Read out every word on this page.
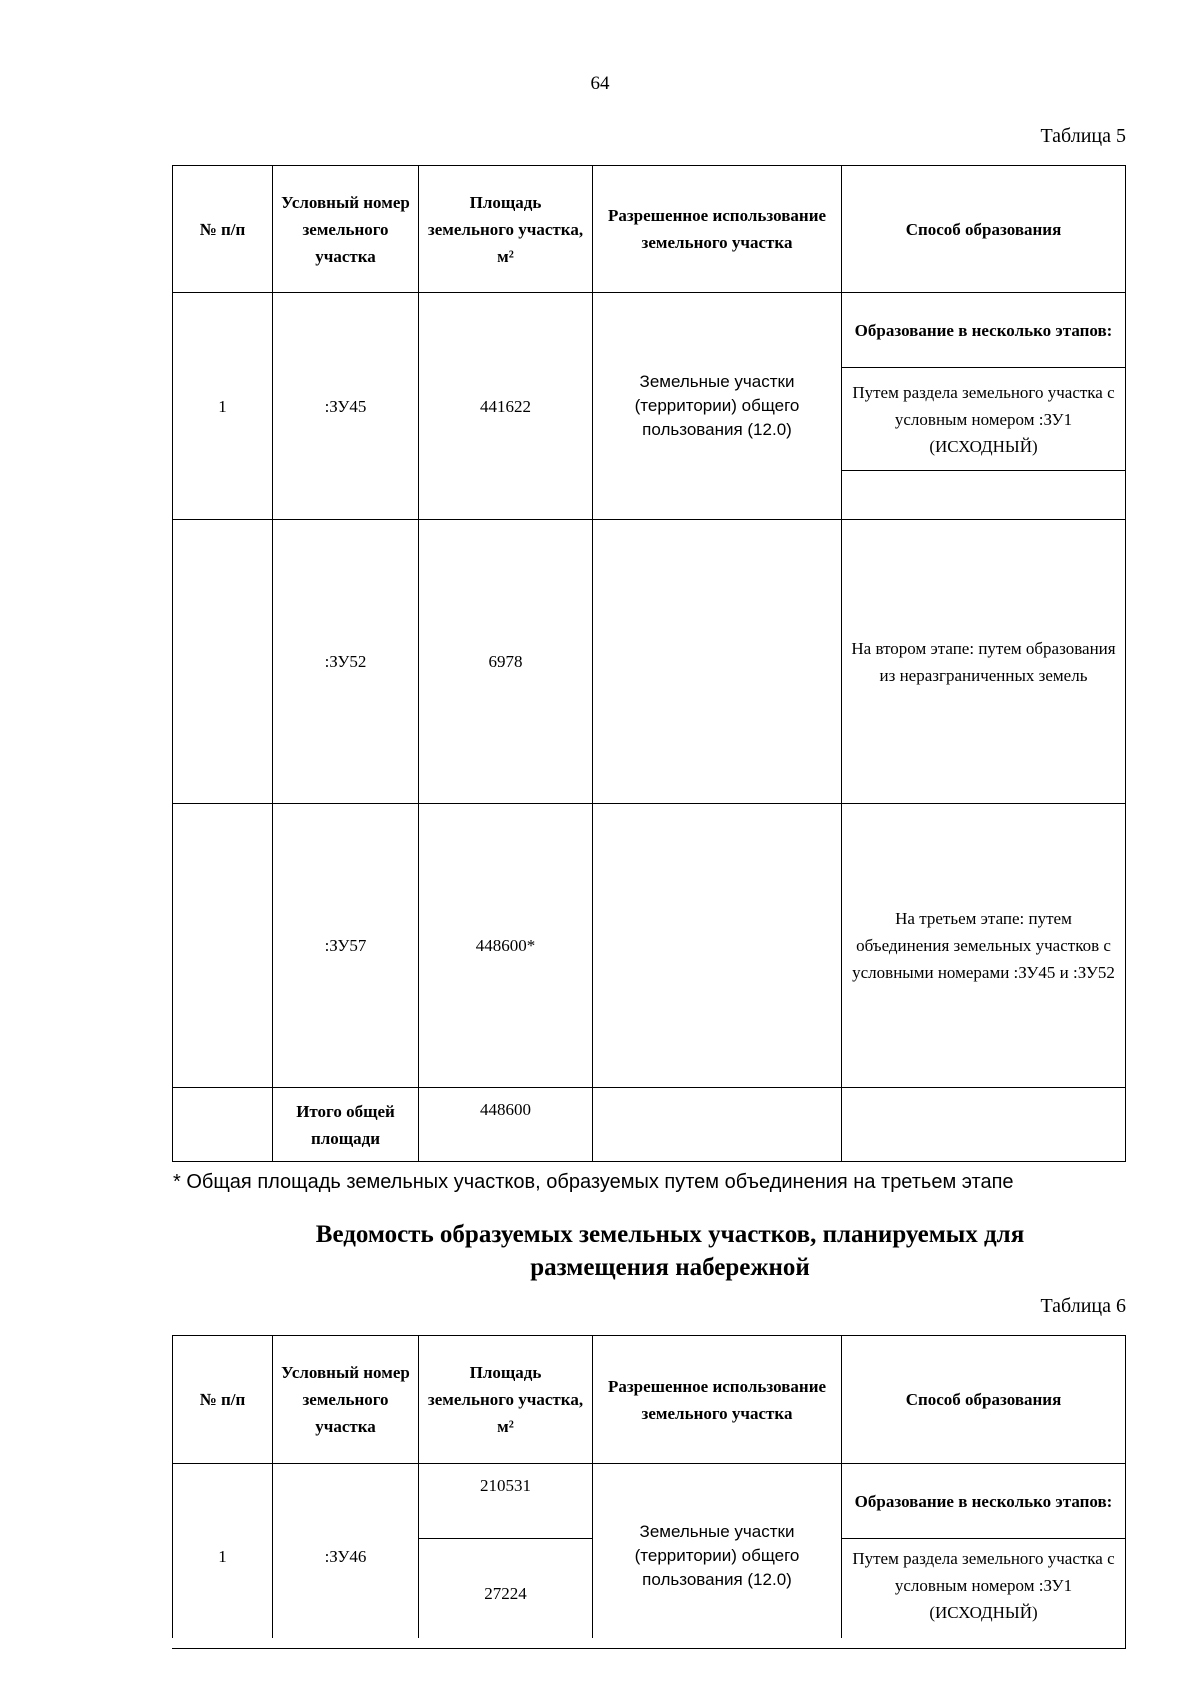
64
Таблица 5
№ п/п	Условный номер земельного участка	Площадь земельного участка, м²	Разрешенное использование земельного участка	Способ образования
1	:ЗУ45	441622	Земельные участки (территории) общего пользования (12.0)	Образование в несколько этапов:
				Путем раздела земельного участка с условным номером :ЗУ1 (ИСХОДНЫЙ)

	:ЗУ52	6978		На втором этапе: путем образования из неразграниченных земель
	:ЗУ57	448600*		На третьем этапе: путем объединения земельных участков с условными номерами :ЗУ45 и :ЗУ52
	Итого общей площади	448600		
* Общая площадь земельных участков, образуемых путем объединения на третьем этапе
Ведомость образуемых земельных участков, планируемых для размещения набережной
Таблица 6
№ п/п	Условный номер земельного участка	Площадь земельного участка, м²	Разрешенное использование земельного участка	Способ образования
1	:ЗУ46	210531	Земельные участки (территории) общего пользования (12.0)	Образование в несколько этапов:
		27224		Путем раздела земельного участка с условным номером :ЗУ1 (ИСХОДНЫЙ)
